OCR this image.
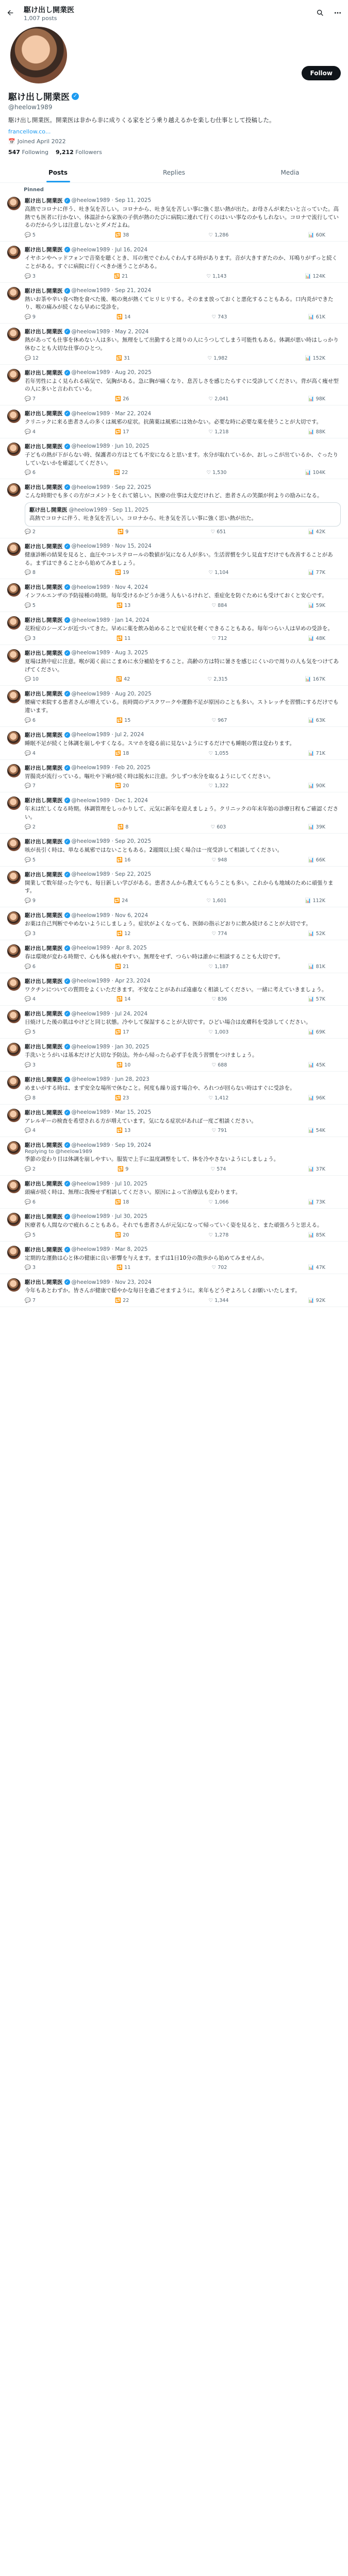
駆け出し開業医
1,007 posts
Follow
駆け出し開業医 ✓
@heelow1989
駆け出し開業医。開業医は非から非に成りくる家をどう乗り越えるかを楽しむ仕事として投稿した。
francellow.co...
📅 Joined April 2022
547 Following 9,212 Followers
Posts	Replies	Media
Pinned
駆け出し開業医 ✓ @heelow1989 · Sep 11, 2025
高熱でコロナに伴う、吐き気を苦しい。コロナから、吐き気を苦しい事に強く思い熱が出た。お母さんが来たいと言っていた。高熱でも医者に行かない、体温計から家族の子供が熱のたびに病院に連れて行くのはいい事なのかもしれない。コロナで流行しているのだから少しは注意しないとダメだよね。
💬 5	🔁 38	♡ 1,286	📊 60K
駆け出し開業医 ✓ @heelow1989 · Jul 16, 2024
イヤホンやヘッドフォンで音楽を聴くとき、耳の奥でぐわんぐわんする時があります。音が大きすぎたのか、耳鳴りがずっと続くことがある。すぐに病院に行くべきか迷うことがある。
💬 3	🔁 21	♡ 1,143	📊 124K
駆け出し開業医 ✓ @heelow1989 · Sep 21, 2024
熱いお茶や辛い食べ物を食べた後、喉の奥が熱くてヒリヒリする。そのまま放っておくと悪化することもある。口内炎ができたり、喉の痛みが続くなら早めに受診を。
💬 9	🔁 14	♡ 743	📊 61K
駆け出し開業医 ✓ @heelow1989 · May 2, 2024
熱があっても仕事を休めない人は多い。無理をして出勤すると周りの人にうつしてしまう可能性もある。体調が悪い時はしっかり休むことも大切な仕事のひとつ。
💬 12	🔁 31	♡ 1,982	📊 152K
駆け出し開業医 ✓ @heelow1989 · Aug 20, 2025
若年男性によく見られる病気で、気胸がある。急に胸が痛くなり、息苦しさを感じたらすぐに受診してください。背が高く痩せ型の人に多いと言われている。
💬 7	🔁 26	♡ 2,041	📊 98K
駆け出し開業医 ✓ @heelow1989 · Mar 22, 2024
クリニックに来る患者さんの多くは風邪の症状。抗菌薬は風邪には効かない。必要な時に必要な薬を使うことが大切です。
💬 4	🔁 17	♡ 1,218	📊 88K
駆け出し開業医 ✓ @heelow1989 · Jun 10, 2025
子どもの熱が下がらない時、保護者の方はとても不安になると思います。水分が取れているか、おしっこが出ているか、ぐったりしていないかを確認してください。
💬 6	🔁 22	♡ 1,530	📊 104K
駆け出し開業医 ✓ @heelow1989 · Sep 22, 2025
こんな時期でも多くの方がコメントをくれて嬉しい。医療の仕事は大変だけれど、患者さんの笑顔が何よりの励みになる。
駆け出し開業医 @heelow1989 · Sep 11, 2025
高熱でコロナに伴う、吐き気を苦しい。コロナから、吐き気を苦しい事に強く思い熱が出た。
💬 2	🔁 9	♡ 651	📊 42K
駆け出し開業医 ✓ @heelow1989 · Nov 15, 2024
健康診断の結果を見ると、血圧やコレステロールの数値が気になる人が多い。生活習慣を少し見直すだけでも改善することがある。まずはできることから始めてみましょう。
💬 8	🔁 19	♡ 1,104	📊 77K
駆け出し開業医 ✓ @heelow1989 · Nov 4, 2024
インフルエンザの予防接種の時期。毎年受けるかどうか迷う人もいるけれど、重症化を防ぐためにも受けておくと安心です。
💬 5	🔁 13	♡ 884	📊 59K
駆け出し開業医 ✓ @heelow1989 · Jan 14, 2024
花粉症のシーズンが近づいてきた。早めに薬を飲み始めることで症状を軽くできることもある。毎年つらい人は早めの受診を。
💬 3	🔁 11	♡ 712	📊 48K
駆け出し開業医 ✓ @heelow1989 · Aug 3, 2025
夏場は熱中症に注意。喉が渇く前にこまめに水分補給をすること。高齢の方は特に暑さを感じにくいので周りの人も気をつけてあげてください。
💬 10	🔁 42	♡ 2,315	📊 167K
駆け出し開業医 ✓ @heelow1989 · Aug 20, 2025
腰痛で来院する患者さんが増えている。長時間のデスクワークや運動不足が原因のことも多い。ストレッチを習慣にするだけでも違います。
💬 6	🔁 15	♡ 967	📊 63K
駆け出し開業医 ✓ @heelow1989 · Jul 2, 2024
睡眠不足が続くと体調を崩しやすくなる。スマホを寝る前に見ないようにするだけでも睡眠の質は変わります。
💬 4	🔁 18	♡ 1,055	📊 71K
駆け出し開業医 ✓ @heelow1989 · Feb 20, 2025
胃腸炎が流行っている。嘔吐や下痢が続く時は脱水に注意。少しずつ水分を取るようにしてください。
💬 7	🔁 20	♡ 1,322	📊 90K
駆け出し開業医 ✓ @heelow1989 · Dec 1, 2024
年末は忙しくなる時期。体調管理をしっかりして、元気に新年を迎えましょう。クリニックの年末年始の診療日程もご確認ください。
💬 2	🔁 8	♡ 603	📊 39K
駆け出し開業医 ✓ @heelow1989 · Sep 20, 2025
咳が長引く時は、単なる風邪ではないこともある。2週間以上続く場合は一度受診して相談してください。
💬 5	🔁 16	♡ 948	📊 66K
駆け出し開業医 ✓ @heelow1989 · Sep 22, 2025
開業して数年経った今でも、毎日新しい学びがある。患者さんから教えてもらうことも多い。これからも地域のために頑張ります。
💬 9	🔁 24	♡ 1,601	📊 112K
駆け出し開業医 ✓ @heelow1989 · Nov 6, 2024
お薬は自己判断でやめないようにしましょう。症状がよくなっても、医師の指示どおりに飲み続けることが大切です。
💬 3	🔁 12	♡ 774	📊 52K
駆け出し開業医 ✓ @heelow1989 · Apr 8, 2025
春は環境が変わる時期で、心も体も疲れやすい。無理をせず、つらい時は誰かに相談することも大切です。
💬 6	🔁 21	♡ 1,187	📊 81K
駆け出し開業医 ✓ @heelow1989 · Apr 23, 2024
ワクチンについての質問をよくいただきます。不安なことがあれば遠慮なく相談してください。一緒に考えていきましょう。
💬 4	🔁 14	♡ 836	📊 57K
駆け出し開業医 ✓ @heelow1989 · Jul 24, 2024
日焼けした後の肌はやけどと同じ状態。冷やして保湿することが大切です。ひどい場合は皮膚科を受診してください。
💬 5	🔁 17	♡ 1,003	📊 69K
駆け出し開業医 ✓ @heelow1989 · Jan 30, 2025
手洗いとうがいは基本だけど大切な予防法。外から帰ったら必ず手を洗う習慣をつけましょう。
💬 3	🔁 10	♡ 688	📊 45K
駆け出し開業医 ✓ @heelow1989 · Jun 28, 2023
めまいがする時は、まず安全な場所で休むこと。何度も繰り返す場合や、ろれつが回らない時はすぐに受診を。
💬 8	🔁 23	♡ 1,412	📊 96K
駆け出し開業医 ✓ @heelow1989 · Mar 15, 2025
アレルギーの検査を希望される方が増えています。気になる症状があれば一度ご相談ください。
💬 4	🔁 13	♡ 791	📊 54K
駆け出し開業医 ✓ @heelow1989 · Sep 19, 2024
Replying to @heelow1989
季節の変わり目は体調を崩しやすい。服装で上手に温度調整をして、体を冷やさないようにしましょう。
💬 2	🔁 9	♡ 574	📊 37K
駆け出し開業医 ✓ @heelow1989 · Jul 10, 2025
頭痛が続く時は、無理に我慢せず相談してください。原因によって治療法も変わります。
💬 6	🔁 18	♡ 1,066	📊 73K
駆け出し開業医 ✓ @heelow1989 · Jul 30, 2025
医療者も人間なので疲れることもある。それでも患者さんが元気になって帰っていく姿を見ると、また頑張ろうと思える。
💬 5	🔁 20	♡ 1,278	📊 85K
駆け出し開業医 ✓ @heelow1989 · Mar 8, 2025
定期的な運動は心と体の健康に良い影響を与えます。まずは1日10分の散歩から始めてみませんか。
💬 3	🔁 11	♡ 702	📊 47K
駆け出し開業医 ✓ @heelow1989 · Nov 23, 2024
今年もあとわずか。皆さんが健康で穏やかな毎日を過ごせますように。来年もどうぞよろしくお願いいたします。
💬 7	🔁 22	♡ 1,344	📊 92K
